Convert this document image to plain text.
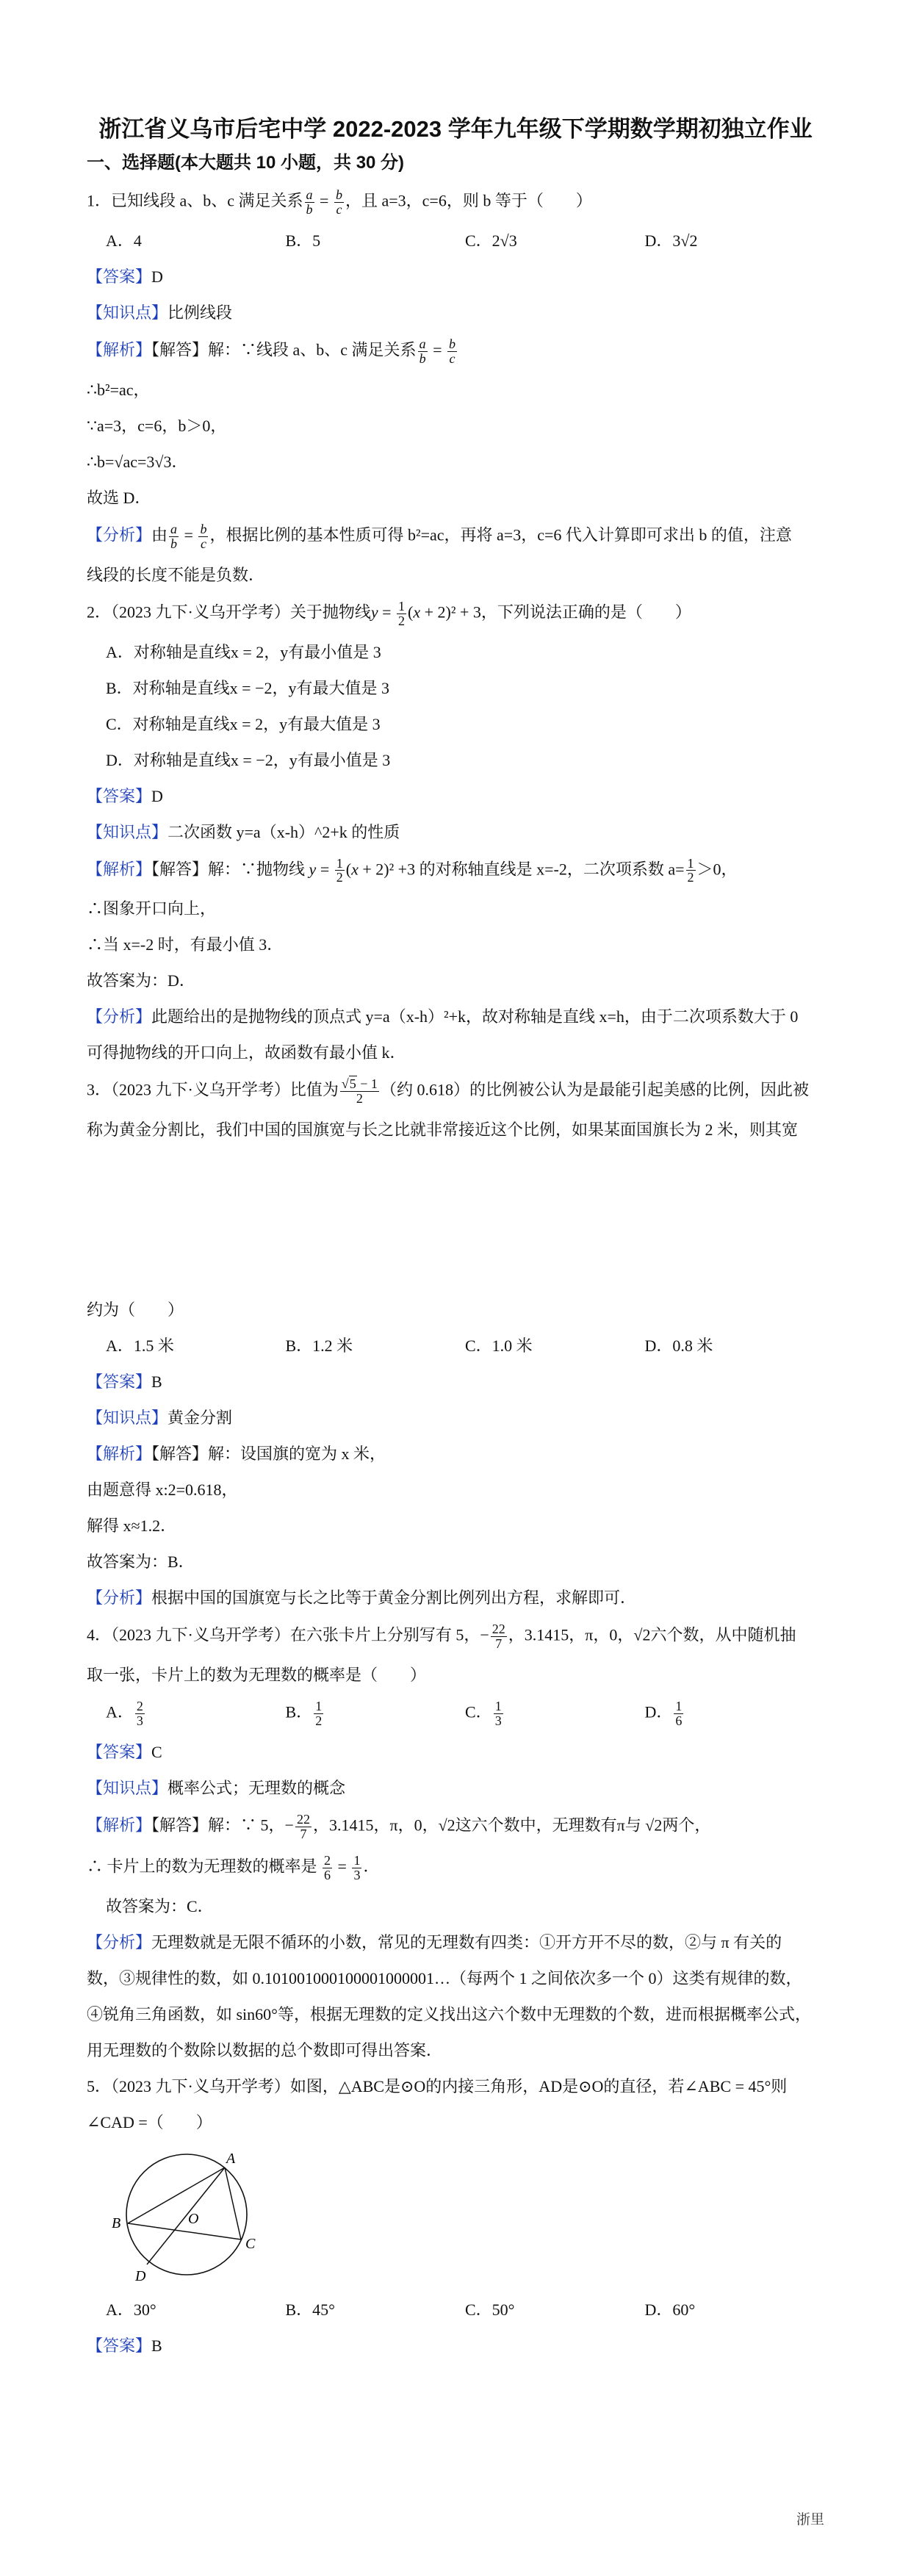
浙江省义乌市后宅中学 2022-2023 学年九年级下学期数学期初独立作业
一、选择题(本大题共 10 小题，共 30 分)
1．已知线段 a、b、c 满足关系 $\frac{a}{b} = \frac{b}{c}$ ，且 a=3，c=6，则 b 等于（　　）
A．4	B．5	C．2√3	D．3√2
【答案】D
【知识点】比例线段
【解析】【解答】解：∵线段 a、b、c 满足关系 $\frac{a}{b} = \frac{b}{c}$
∴b²=ac，
∵a=3，c=6，b＞0，
∴b=√ac=3√3．
故选 D．
【分析】由 $\frac{a}{b} = \frac{b}{c}$ ，根据比例的基本性质可得 b²=ac，再将 a=3，c=6 代入计算即可求出 b 的值，注意
线段的长度不能是负数．
2．（2023 九下·义乌开学考）关于抛物线$y = \frac{1}{2} (x + 2)^2 + 3$，下列说法正确的是（　　）
A．对称轴是直线x = 2，y有最小值是 3
B．对称轴是直线x = −2，y有最大值是 3
C．对称轴是直线x = 2，y有最大值是 3
D．对称轴是直线x = −2，y有最小值是 3
【答案】D
【知识点】二次函数 y=a（x-h）^2+k 的性质
【解析】【解答】解：∵抛物线 $y = \frac{1}{2} (x + 2)^2 +3$ 的对称轴直线是 x=-2，二次项系数 $a= \frac{1}{2} >0$，
∴图象开口向上，
∴当 x=-2 时，有最小值 3．
故答案为：D．
【分析】此题给出的是抛物线的顶点式 y=a（x-h）²+k，故对称轴是直线 x=h，由于二次项系数大于 0
可得抛物线的开口向上，故函数有最小值 k．
3．（2023 九下·义乌开学考）比值为 $\frac{√5 - 1}{2}$ （约 0.618）的比例被公认为是最能引起美感的比例，因此被
称为黄金分割比，我们中国的国旗宽与长之比就非常接近这个比例，如果某面国旗长为 2 米，则其宽
约为（　　）
A．1.5 米	B．1.2 米	C．1.0 米	D．0.8 米
【答案】B
【知识点】黄金分割
【解析】【解答】解：设国旗的宽为 x 米，
由题意得 x:2=0.618，
解得 x≈1.2．
故答案为：B．
【分析】根据中国的国旗宽与长之比等于黄金分割比例列出方程，求解即可．
4．（2023 九下·义乌开学考）在六张卡片上分别写有 5，− $\frac{22}{7}$ ，3.1415，π，0，√2六个数，从中随机抽
取一张，卡片上的数为无理数的概率是（　　）
A． $\frac{2}{3}$	B． $\frac{1}{2}$	C． $\frac{1}{3}$	D． $\frac{1}{6}$
【答案】C
【知识点】概率公式；无理数的概念
【解析】【解答】解：∵ 5，− $\frac{22}{7}$ ，3.1415，π，0，√2这六个数中，无理数有π与 √2两个，
∴ 卡片上的数为无理数的概率是 $\frac{2}{6} = \frac{1}{3}$ ．
故答案为：C．
【分析】无理数就是无限不循环的小数，常见的无理数有四类：①开方开不尽的数，②与 π 有关的
数，③规律性的数，如 0.101001000100001000001…（每两个 1 之间依次多一个 0）这类有规律的数，
④锐角三角函数，如 sin60°等，根据无理数的定义找出这六个数中无理数的个数，进而根据概率公式，
用无理数的个数除以数据的总个数即可得出答案．
5．（2023 九下·义乌开学考）如图，△ABC是⊙O的内接三角形，AD是⊙O的直径，若∠ABC = 45°则
∠CAD =（　　）
A
B
C
D
O
A．30°	B．45°	C．50°	D．60°
【答案】B
浙里
